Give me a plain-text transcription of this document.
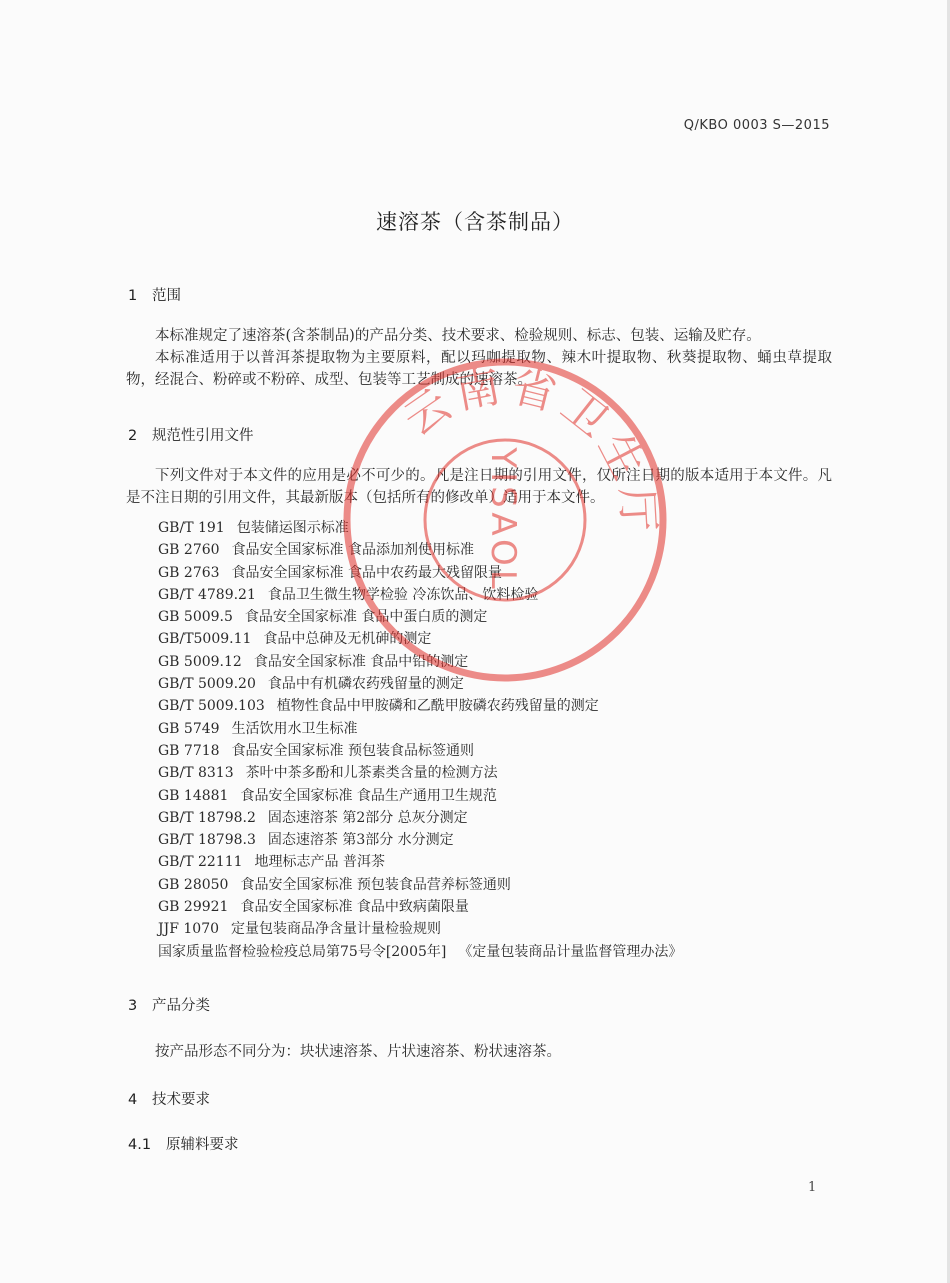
Q/KBO 0003 S—2015
速溶茶（含茶制品）
1 范围

本标准规定了速溶茶(含茶制品)的产品分类、技术要求、检验规则、标志、包装、运输及贮存。

本标准适用于以普洱茶提取物为主要原料，配以玛咖提取物、辣木叶提取物、秋葵提取物、蛹虫草提取物，经混合、粉碎或不粉碎、成型、包装等工艺制成的速溶茶。

2 规范性引用文件

下列文件对于本文件的应用是必不可少的。凡是注日期的引用文件，仅所注日期的版本适用于本文件。凡是不注日期的引用文件，其最新版本（包括所有的修改单）适用于本文件。

GB/T 191 包装储运图示标准
GB 2760 食品安全国家标准 食品添加剂使用标准
GB 2763 食品安全国家标准 食品中农药最大残留限量
GB/T 4789.21 食品卫生微生物学检验 冷冻饮品、饮料检验
GB 5009.5 食品安全国家标准 食品中蛋白质的测定
GB/T5009.11 食品中总砷及无机砷的测定
GB 5009.12 食品安全国家标准 食品中铅的测定
GB/T 5009.20 食品中有机磷农药残留量的测定
GB/T 5009.103 植物性食品中甲胺磷和乙酰甲胺磷农药残留量的测定
GB 5749 生活饮用水卫生标准
GB 7718 食品安全国家标准 预包装食品标签通则
GB/T 8313 茶叶中茶多酚和儿茶素类含量的检测方法
GB 14881 食品安全国家标准 食品生产通用卫生规范
GB/T 18798.2 固态速溶茶 第2部分 总灰分测定
GB/T 18798.3 固态速溶茶 第3部分 水分测定
GB/T 22111 地理标志产品 普洱茶
GB 28050 食品安全国家标准 预包装食品营养标签通则
GB 29921 食品安全国家标准 食品中致病菌限量
JJF 1070 定量包装商品净含量计量检验规则
国家质量监督检验检疫总局第75号令[2005年] 《定量包装商品计量监督管理办法》
3 产品分类

按产品形态不同分为：块状速溶茶、片状速溶茶、粉状速溶茶。

4 技术要求
4.1 原辅料要求
1
云南省卫生厅
YISAOL
